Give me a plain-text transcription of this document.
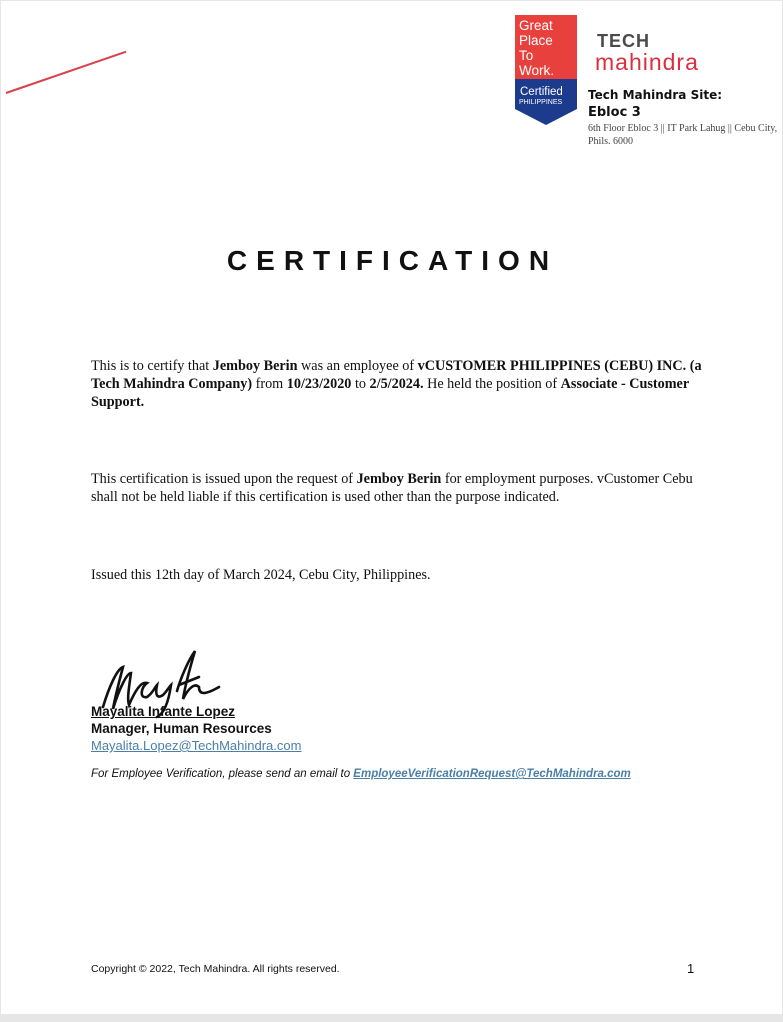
Great
Place
To
Work.
Certified
PHILIPPINES
TECH
mahindra
Tech Mahindra Site:
Ebloc 3
6th Floor Ebloc 3 || IT Park Lahug || Cebu City, Phils. 6000
CERTIFICATION
This is to certify that Jemboy Berin was an employee of vCUSTOMER PHILIPPINES (CEBU) INC. (a Tech Mahindra Company) from 10/23/2020 to 2/5/2024. He held the position of Associate - Customer Support.
This certification is issued upon the request of Jemboy Berin for employment purposes. vCustomer Cebu shall not be held liable if this certification is used other than the purpose indicated.
Issued this 12th day of March 2024, Cebu City, Philippines.
Mayalita Infante Lopez
Manager, Human Resources
Mayalita.Lopez@TechMahindra.com
For Employee Verification, please send an email to EmployeeVerificationRequest@TechMahindra.com
Copyright © 2022, Tech Mahindra. All rights reserved.	1
